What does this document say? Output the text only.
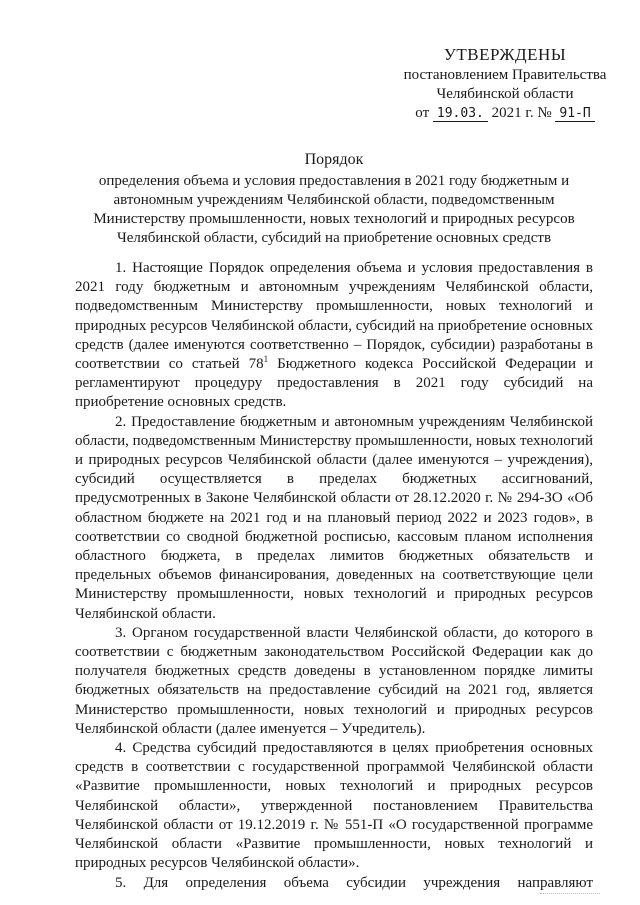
УТВЕРЖДЕНЫ
постановлением Правительства
Челябинской области
от 19.03. 2021 г. № 91-П
Порядок
определения объема и условия предоставления в 2021 году бюджетным и
автономным учреждениям Челябинской области, подведомственным
Министерству промышленности, новых технологий и природных ресурсов
Челябинской области, субсидий на приобретение основных средств

1. Настоящие Порядок определения объема и условия предоставления в 2021 году бюджетным и автономным учреждениям Челябинской области, подведомственным Министерству промышленности, новых технологий и природных ресурсов Челябинской области, субсидий на приобретение основных средств (далее именуются соответственно – Порядок, субсидии) разработаны в соответствии со статьей $78^1$ Бюджетного кодекса Российской Федерации и регламентируют процедуру предоставления в 2021 году субсидий на приобретение основных средств.

2. Предоставление бюджетным и автономным учреждениям Челябинской области, подведомственным Министерству промышленности, новых технологий и природных ресурсов Челябинской области (далее именуются – учреждения), субсидий осуществляется в пределах бюджетных ассигнований, предусмотренных в Законе Челябинской области от 28.12.2020 г. № 294-ЗО «Об областном бюджете на 2021 год и на плановый период 2022 и 2023 годов», в соответствии со сводной бюджетной росписью, кассовым планом исполнения областного бюджета, в пределах лимитов бюджетных обязательств и предельных объемов финансирования, доведенных на соответствующие цели Министерству промышленности, новых технологий и природных ресурсов Челябинской области.

3. Органом государственной власти Челябинской области, до которого в соответствии с бюджетным законодательством Российской Федерации как до получателя бюджетных средств доведены в установленном порядке лимиты бюджетных обязательств на предоставление субсидий на 2021 год, является Министерство промышленности, новых технологий и природных ресурсов Челябинской области (далее именуется – Учредитель).

4. Средства субсидий предоставляются в целях приобретения основных средств в соответствии с государственной программой Челябинской области «Развитие промышленности, новых технологий и природных ресурсов Челябинской области», утвержденной постановлением Правительства Челябинской области от 19.12.2019 г. № 551-П «О государственной программе Челябинской области «Развитие промышленности, новых технологий и природных ресурсов Челябинской области».

5. Для определения объема субсидии учреждения направляют
